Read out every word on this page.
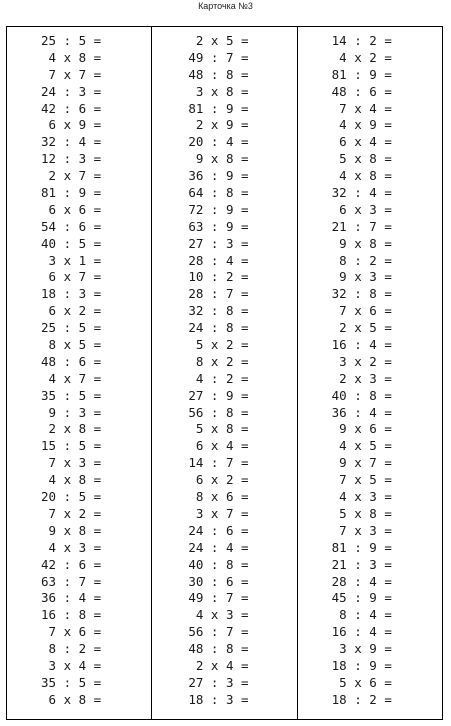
Карточка №3
25 : 5 =
4 x 8 =
7 x 7 =
24 : 3 =
42 : 6 =
6 x 9 =
32 : 4 =
12 : 3 =
2 x 7 =
81 : 9 =
6 x 6 =
54 : 6 =
40 : 5 =
3 x 1 =
6 x 7 =
18 : 3 =
6 x 2 =
25 : 5 =
8 x 5 =
48 : 6 =
4 x 7 =
35 : 5 =
9 : 3 =
2 x 8 =
15 : 5 =
7 x 3 =
4 x 8 =
20 : 5 =
7 x 2 =
9 x 8 =
4 x 3 =
42 : 6 =
63 : 7 =
36 : 4 =
16 : 8 =
7 x 6 =
8 : 2 =
3 x 4 =
35 : 5 =
6 x 8 =
2 x 5 =
49 : 7 =
48 : 8 =
3 x 8 =
81 : 9 =
2 x 9 =
20 : 4 =
9 x 8 =
36 : 9 =
64 : 8 =
72 : 9 =
63 : 9 =
27 : 3 =
28 : 4 =
10 : 2 =
28 : 7 =
32 : 8 =
24 : 8 =
5 x 2 =
8 x 2 =
4 : 2 =
27 : 9 =
56 : 8 =
5 x 8 =
6 x 4 =
14 : 7 =
6 x 2 =
8 x 6 =
3 x 7 =
24 : 6 =
24 : 4 =
40 : 8 =
30 : 6 =
49 : 7 =
4 x 3 =
56 : 7 =
48 : 8 =
2 x 4 =
27 : 3 =
18 : 3 =
14 : 2 =
4 x 2 =
81 : 9 =
48 : 6 =
7 x 4 =
4 x 9 =
6 x 4 =
5 x 8 =
4 x 8 =
32 : 4 =
6 x 3 =
21 : 7 =
9 x 8 =
8 : 2 =
9 x 3 =
32 : 8 =
7 x 6 =
2 x 5 =
16 : 4 =
3 x 2 =
2 x 3 =
40 : 8 =
36 : 4 =
9 x 6 =
4 x 5 =
9 x 7 =
7 x 5 =
4 x 3 =
5 x 8 =
7 x 3 =
81 : 9 =
21 : 3 =
28 : 4 =
45 : 9 =
8 : 4 =
16 : 4 =
3 x 9 =
18 : 9 =
5 x 6 =
18 : 2 =
